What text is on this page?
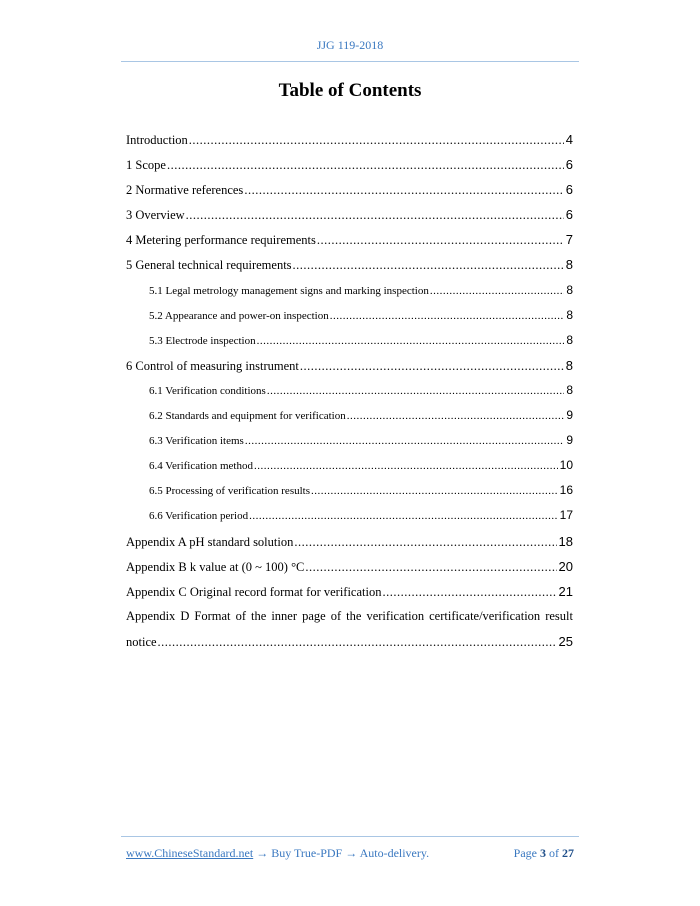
JJG 119-2018
Table of Contents
Introduction .....	4
1 Scope .....	6
2 Normative references .....	6
3 Overview .....	6
4 Metering performance requirements .....	7
5 General technical requirements .....	8
5.1 Legal metrology management signs and marking inspection .....	8
5.2 Appearance and power-on inspection .....	8
5.3 Electrode inspection .....	8
6 Control of measuring instrument .....	8
6.1 Verification conditions .....	8
6.2 Standards and equipment for verification .....	9
6.3 Verification items .....	9
6.4 Verification method .....	10
6.5 Processing of verification results .....	16
6.6 Verification period .....	17
Appendix A pH standard solution .....	18
Appendix B k value at (0 ~ 100) °C .....	20
Appendix C Original record format for verification .....	21
Appendix D Format of the inner page of the verification certificate/verification result
notice .....	25
www.ChineseStandard.net → Buy True-PDF → Auto-delivery.	Page 3 of 27
